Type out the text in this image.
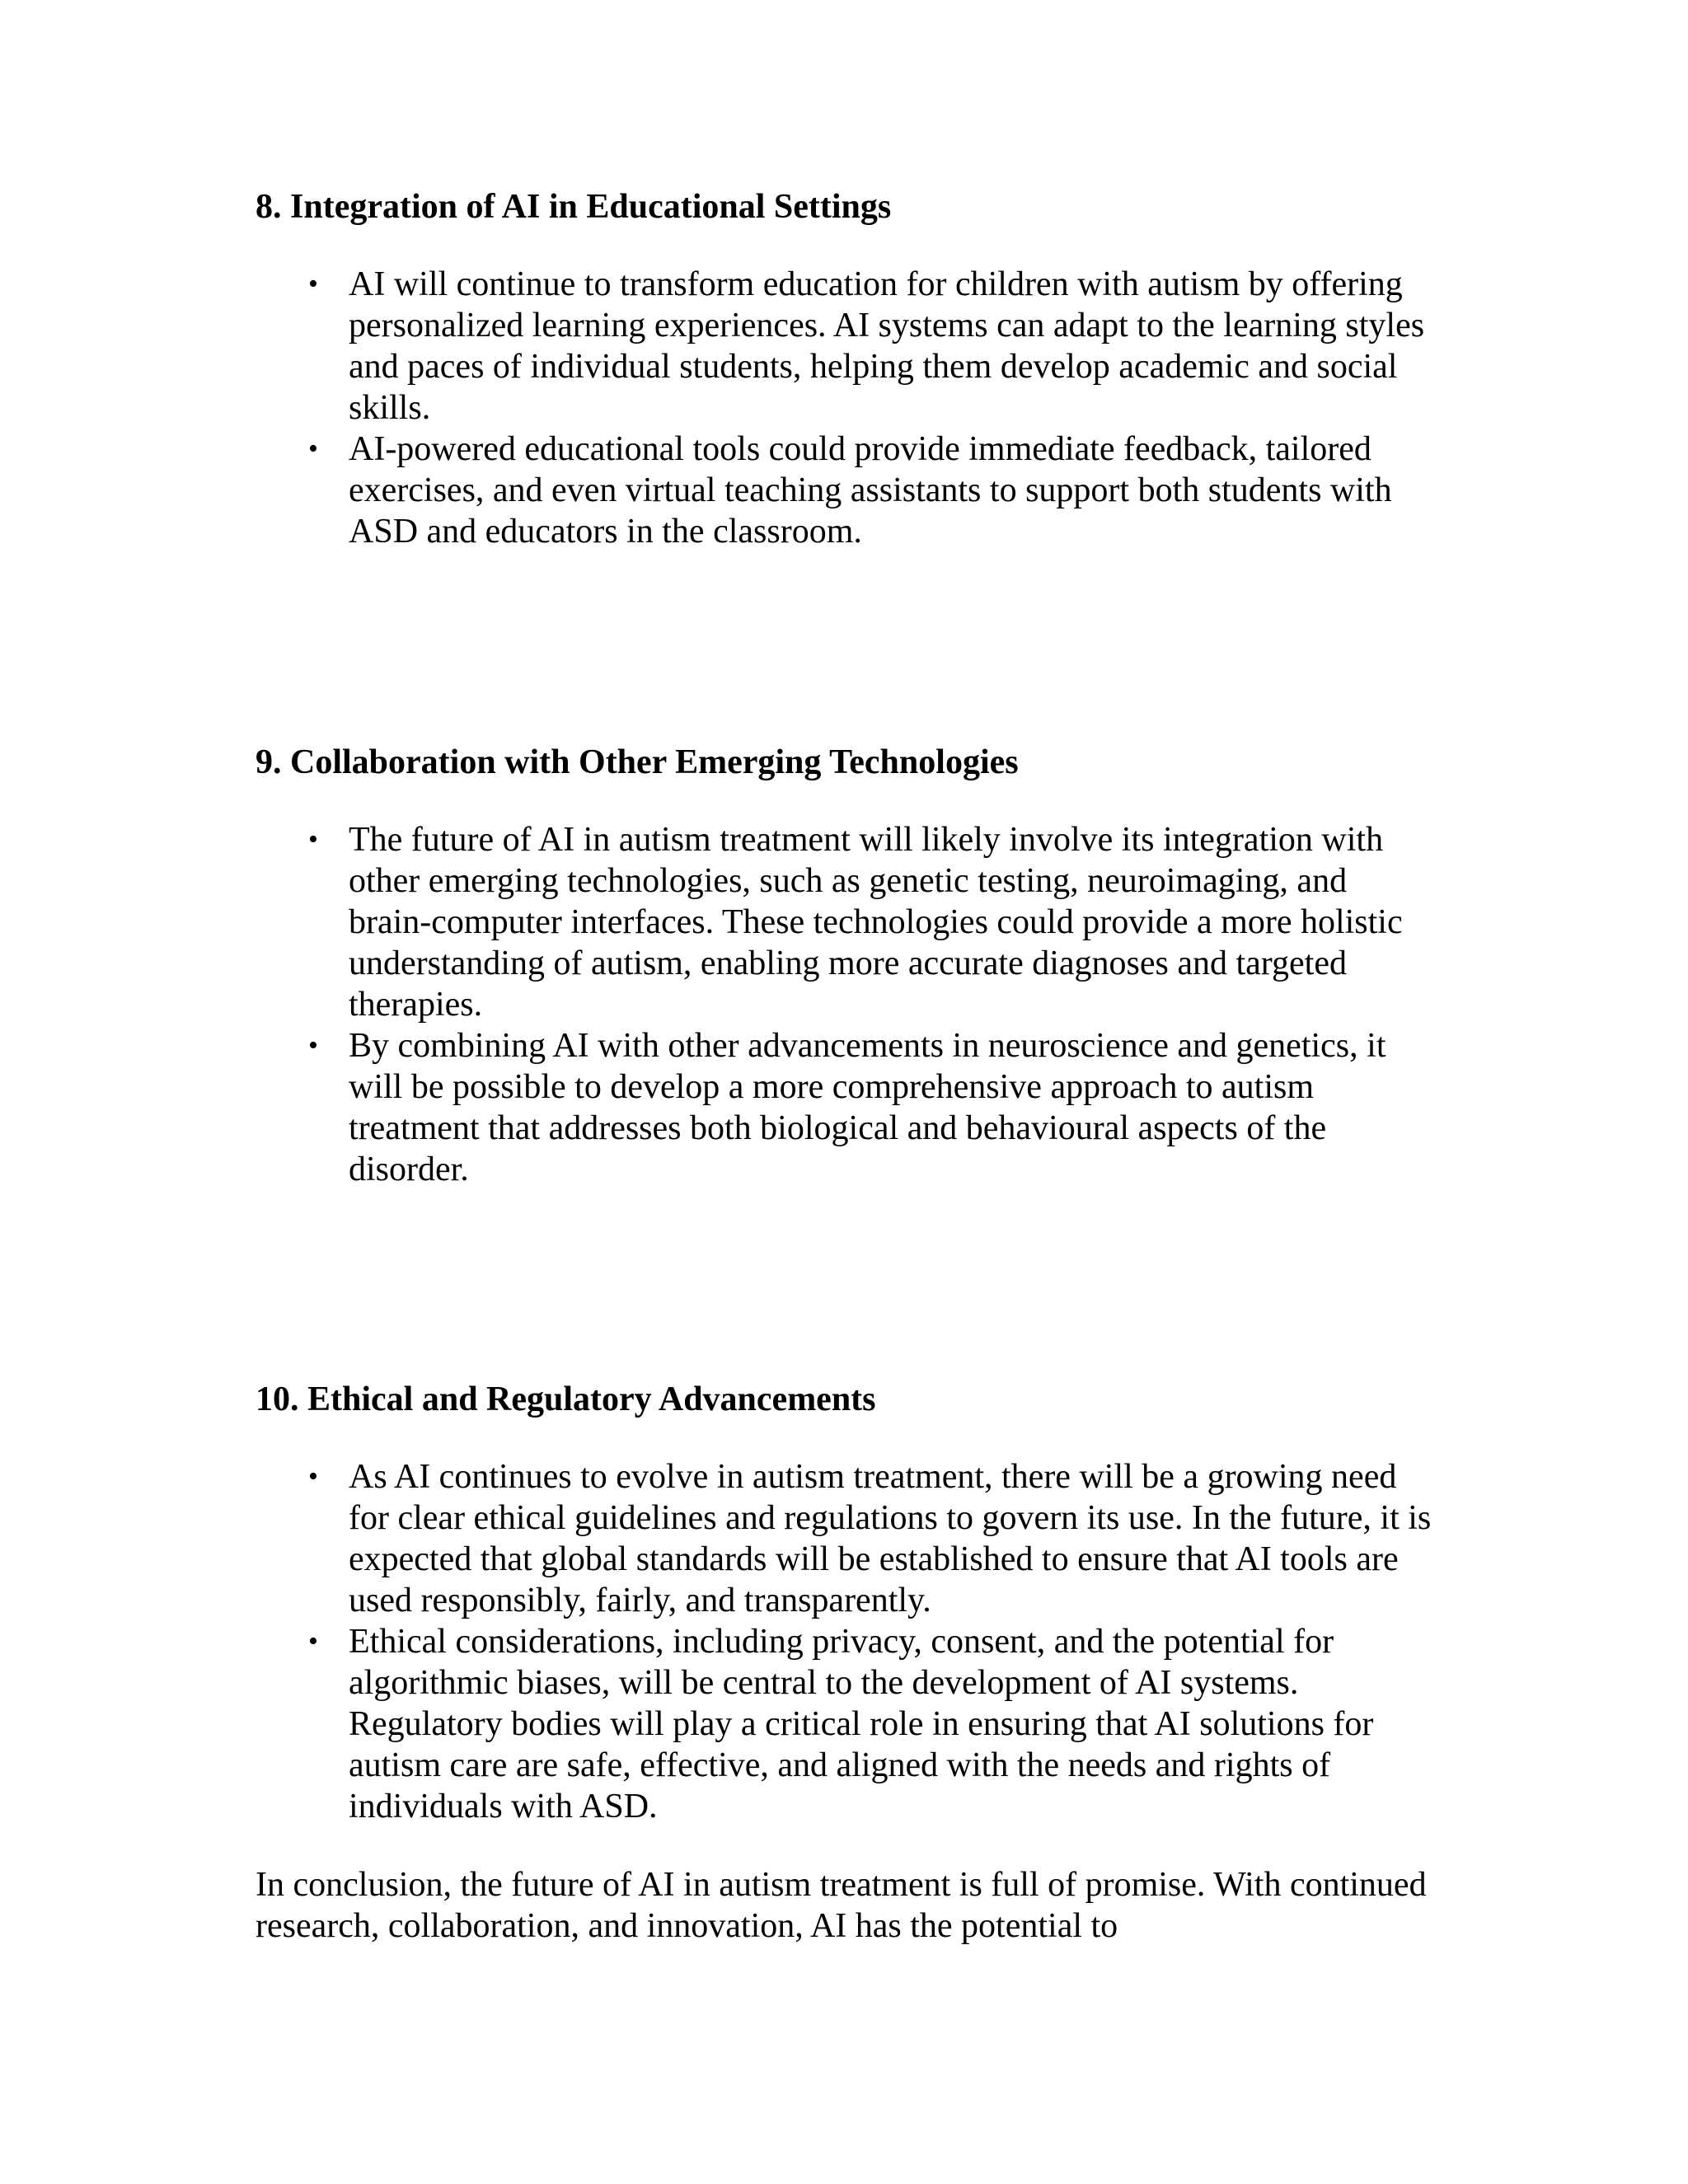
8. Integration of AI in Educational Settings
• AI will continue to transform education for children with autism by offering personalized learning experiences. AI systems can adapt to the learning styles and paces of individual students, helping them develop academic and social skills.
• AI-powered educational tools could provide immediate feedback, tailored exercises, and even virtual teaching assistants to support both students with ASD and educators in the classroom.
9. Collaboration with Other Emerging Technologies
• The future of AI in autism treatment will likely involve its integration with other emerging technologies, such as genetic testing, neuroimaging, and brain-computer interfaces. These technologies could provide a more holistic understanding of autism, enabling more accurate diagnoses and targeted therapies.
• By combining AI with other advancements in neuroscience and genetics, it will be possible to develop a more comprehensive approach to autism treatment that addresses both biological and behavioural aspects of the disorder.
10. Ethical and Regulatory Advancements
• As AI continues to evolve in autism treatment, there will be a growing need for clear ethical guidelines and regulations to govern its use. In the future, it is expected that global standards will be established to ensure that AI tools are used responsibly, fairly, and transparently.
• Ethical considerations, including privacy, consent, and the potential for algorithmic biases, will be central to the development of AI systems. Regulatory bodies will play a critical role in ensuring that AI solutions for autism care are safe, effective, and aligned with the needs and rights of individuals with ASD.

In conclusion, the future of AI in autism treatment is full of promise. With continued research, collaboration, and innovation, AI has the potential to
